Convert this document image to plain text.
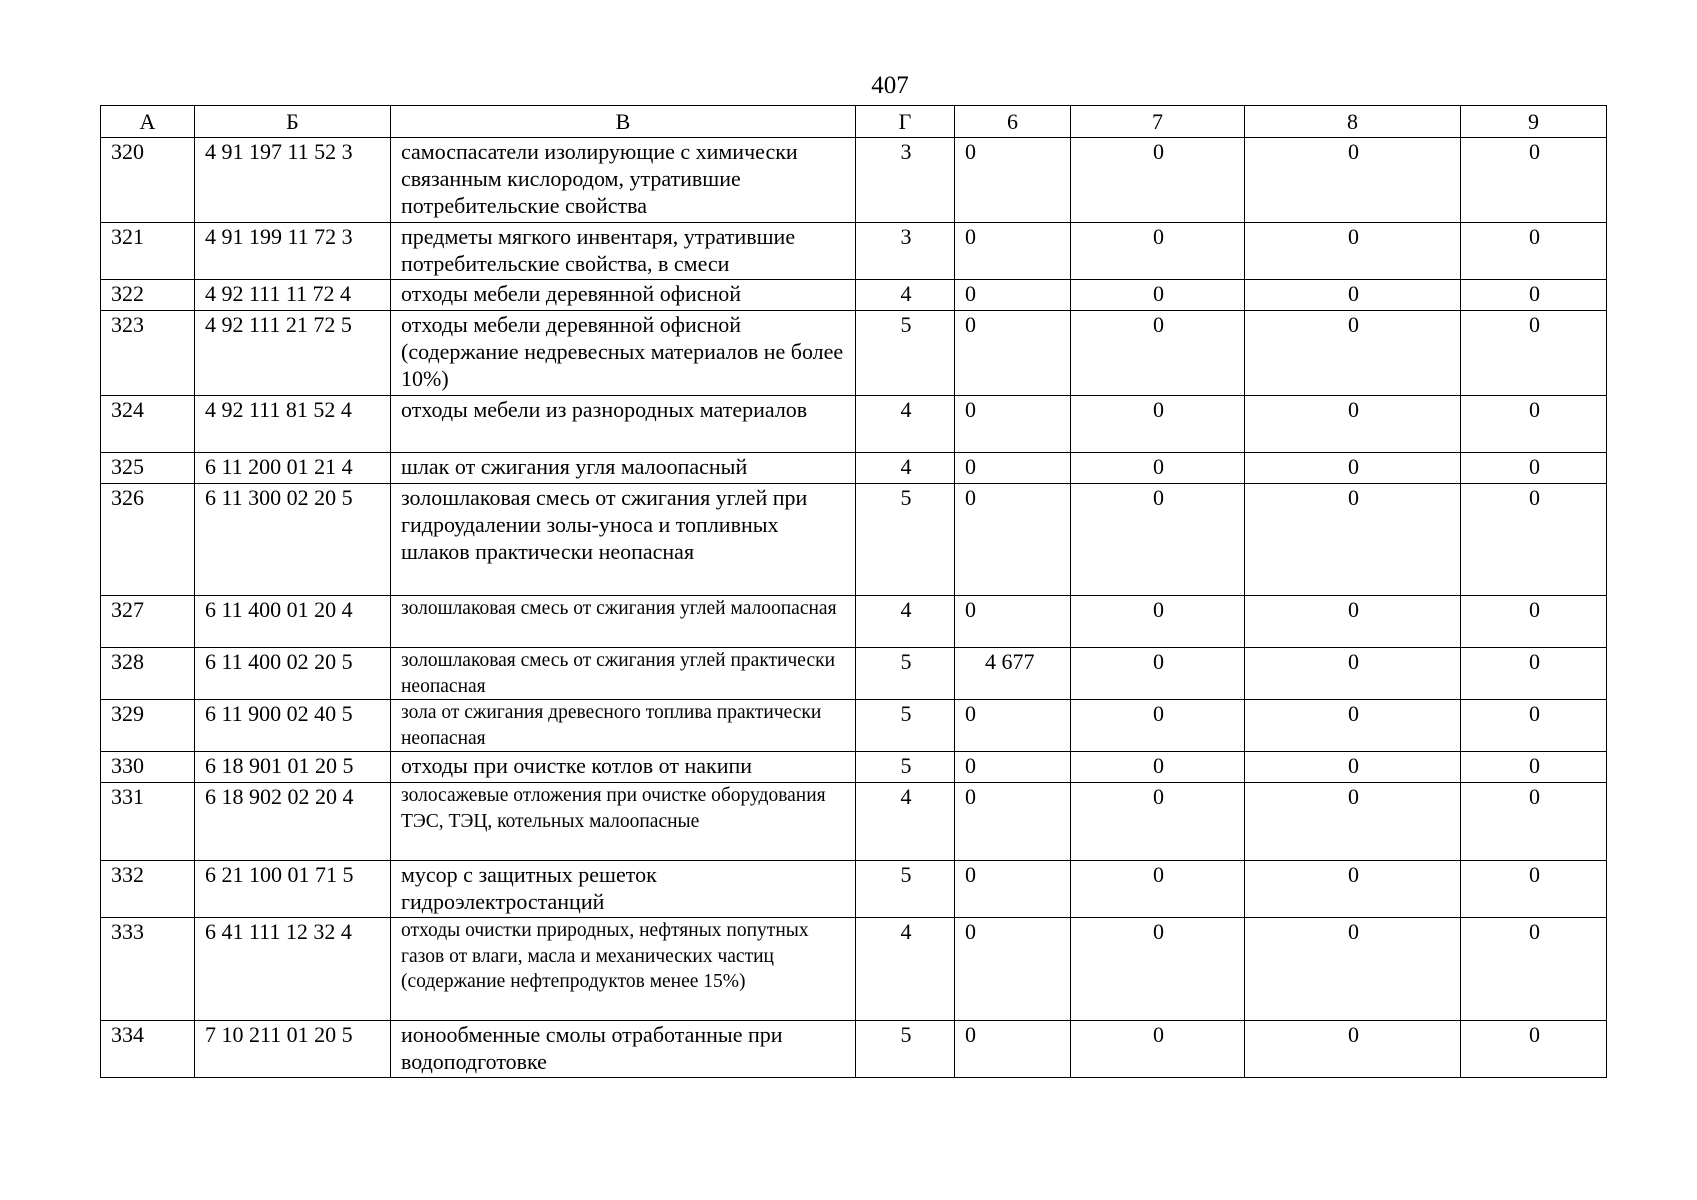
407
А	Б	В	Г	6	7	8	9
320	4 91 197 11 52 3	самоспасатели изолирующие с химически связанным кислородом, утратившие потребительские свойства	3	0	0	0	0
321	4 91 199 11 72 3	предметы мягкого инвентаря, утратившие потребительские свойства, в смеси	3	0	0	0	0
322	4 92 111 11 72 4	отходы мебели деревянной офисной	4	0	0	0	0
323	4 92 111 21 72 5	отходы мебели деревянной офисной (содержание недревесных материалов не более 10%)	5	0	0	0	0
324	4 92 111 81 52 4	отходы мебели из разнородных материалов	4	0	0	0	0
325	6 11 200 01 21 4	шлак от сжигания угля малоопасный	4	0	0	0	0
326	6 11 300 02 20 5	золошлаковая смесь от сжигания углей при гидроудалении золы-уноса и топливных шлаков практически неопасная	5	0	0	0	0
327	6 11 400 01 20 4	золошлаковая смесь от сжигания углей малоопасная	4	0	0	0	0
328	6 11 400 02 20 5	золошлаковая смесь от сжигания углей практически неопасная	5	4 677	0	0	0
329	6 11 900 02 40 5	зола от сжигания древесного топлива практически неопасная	5	0	0	0	0
330	6 18 901 01 20 5	отходы при очистке котлов от накипи	5	0	0	0	0
331	6 18 902 02 20 4	золосажевые отложения при очистке оборудования ТЭС, ТЭЦ, котельных малоопасные	4	0	0	0	0
332	6 21 100 01 71 5	мусор с защитных решеток гидроэлектростанций	5	0	0	0	0
333	6 41 111 12 32 4	отходы очистки природных, нефтяных попутных газов от влаги, масла и механических частиц (содержание нефтепродуктов менее 15%)	4	0	0	0	0
334	7 10 211 01 20 5	ионообменные смолы отработанные при водоподготовке	5	0	0	0	0
